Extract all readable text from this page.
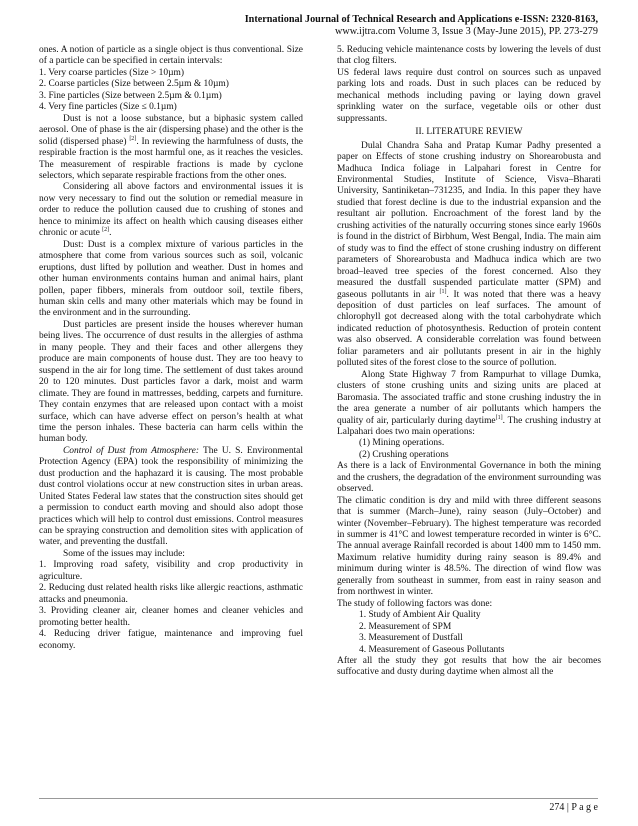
International Journal of Technical Research and Applications e-ISSN: 2320-8163,
www.ijtra.com Volume 3, Issue 3 (May-June 2015), PP. 273-279

ones. A notion of particle as a single object is thus conventional. Size of a particle can be specified in certain intervals:

1. Very coarse particles (Size > 10µm)
2. Coarse particles (Size between 2.5µm & 10µm)
3. Fine particles (Size between 2.5µm & 0.1µm)
4. Very fine particles (Size ≤ 0.1µm)

Dust is not a loose substance, but a biphasic system called aerosol. One of phase is the air (dispersing phase) and the other is the solid (dispersed phase) [2]. In reviewing the harmfulness of dusts, the respirable fraction is the most harmful one, as it reaches the vesicles. The measurement of respirable fractions is made by cyclone selectors, which separate respirable fractions from the other ones.

Considering all above factors and environmental issues it is now very necessary to find out the solution or remedial measure in order to reduce the pollution caused due to crushing of stones and hence to minimize its affect on health which causing diseases either chronic or acute [2].

Dust: Dust is a complex mixture of various particles in the atmosphere that come from various sources such as soil, volcanic eruptions, dust lifted by pollution and weather. Dust in homes and other human environments contains human and animal hairs, plant pollen, paper fibbers, minerals from outdoor soil, textile fibers, human skin cells and many other materials which may be found in the environment and in the surrounding.

Dust particles are present inside the houses wherever human being lives. The occurrence of dust results in the allergies of asthma in many people. They and their faces and other allergens they produce are main components of house dust. They are too heavy to suspend in the air for long time. The settlement of dust takes around 20 to 120 minutes. Dust particles favor a dark, moist and warm climate. They are found in mattresses, bedding, carpets and furniture. They contain enzymes that are released upon contact with a moist surface, which can have adverse effect on person’s health at what time the person inhales. These bacteria can harm cells within the human body.

Control of Dust from Atmosphere: The U. S. Environmental Protection Agency (EPA) took the responsibility of minimizing the dust production and the haphazard it is causing. The most probable dust control violations occur at new construction sites in urban areas. United States Federal law states that the construction sites should get a permission to conduct earth moving and should also adopt those practices which will help to control dust emissions. Control measures can be spraying construction and demolition sites with application of water, and preventing the dustfall.

Some of the issues may include:

1. Improving road safety, visibility and crop productivity in agriculture.
2. Reducing dust related health risks like allergic reactions, asthmatic attacks and pneumonia.
3. Providing cleaner air, cleaner homes and cleaner vehicles and promoting better health.
4. Reducing driver fatigue, maintenance and improving fuel economy.

5. Reducing vehicle maintenance costs by lowering the levels of dust that clog filters.

US federal laws require dust control on sources such as unpaved parking lots and roads. Dust in such places can be reduced by mechanical methods including paving or laying down gravel sprinkling water on the surface, vegetable oils or other dust suppressants.

II. LITERATURE REVIEW

Dulal Chandra Saha and Pratap Kumar Padhy presented a paper on Effects of stone crushing industry on Shorearobusta and Madhuca Indica foliage in Lalpahari forest in Centre for Environmental Studies, Institute of Science, Visva–Bharati University, Santiniketan–731235, and India. In this paper they have studied that forest decline is due to the industrial expansion and the resultant air pollution. Encroachment of the forest land by the crushing activities of the naturally occurring stones since early 1960s is found in the district of Birbhum, West Bengal, India. The main aim of study was to find the effect of stone crushing industry on different parameters of Shorearobusta and Madhuca indica which are two broad–leaved tree species of the forest concerned. Also they measured the dustfall suspended particulate matter (SPM) and gaseous pollutants in air [1]. It was noted that there was a heavy deposition of dust particles on leaf surfaces. The amount of chlorophyll got decreased along with the total carbohydrate which indicated reduction of photosynthesis. Reduction of protein content was also observed. A considerable correlation was found between foliar parameters and air pollutants present in air in the highly polluted sites of the forest close to the source of pollution.

Along State Highway 7 from Rampurhat to village Dumka, clusters of stone crushing units and sizing units are placed at Baromasia. The associated traffic and stone crushing industry the in the area generate a number of air pollutants which hampers the quality of air, particularly during daytime[1]. The crushing industry at Lalpahari does two main operations:

(1) Mining operations.
(2) Crushing operations

As there is a lack of Environmental Governance in both the mining and the crushers, the degradation of the environment surrounding was observed.

The climatic condition is dry and mild with three different seasons that is summer (March–June), rainy season (July–October) and winter (November–February). The highest temperature was recorded in summer is 41°C and lowest temperature recorded in winter is 6°C. The annual average Rainfall recorded is about 1400 mm to 1450 mm. Maximum relative humidity during rainy season is 89.4% and minimum during winter is 48.5%. The direction of wind flow was generally from southeast in summer, from east in rainy season and from northwest in winter.

The study of following factors was done:

1. Study of Ambient Air Quality
2. Measurement of SPM
3. Measurement of Dustfall
4. Measurement of Gaseous Pollutants

After all the study they got results that how the air becomes suffocative and dusty during daytime when almost all the

274 | P a g e
